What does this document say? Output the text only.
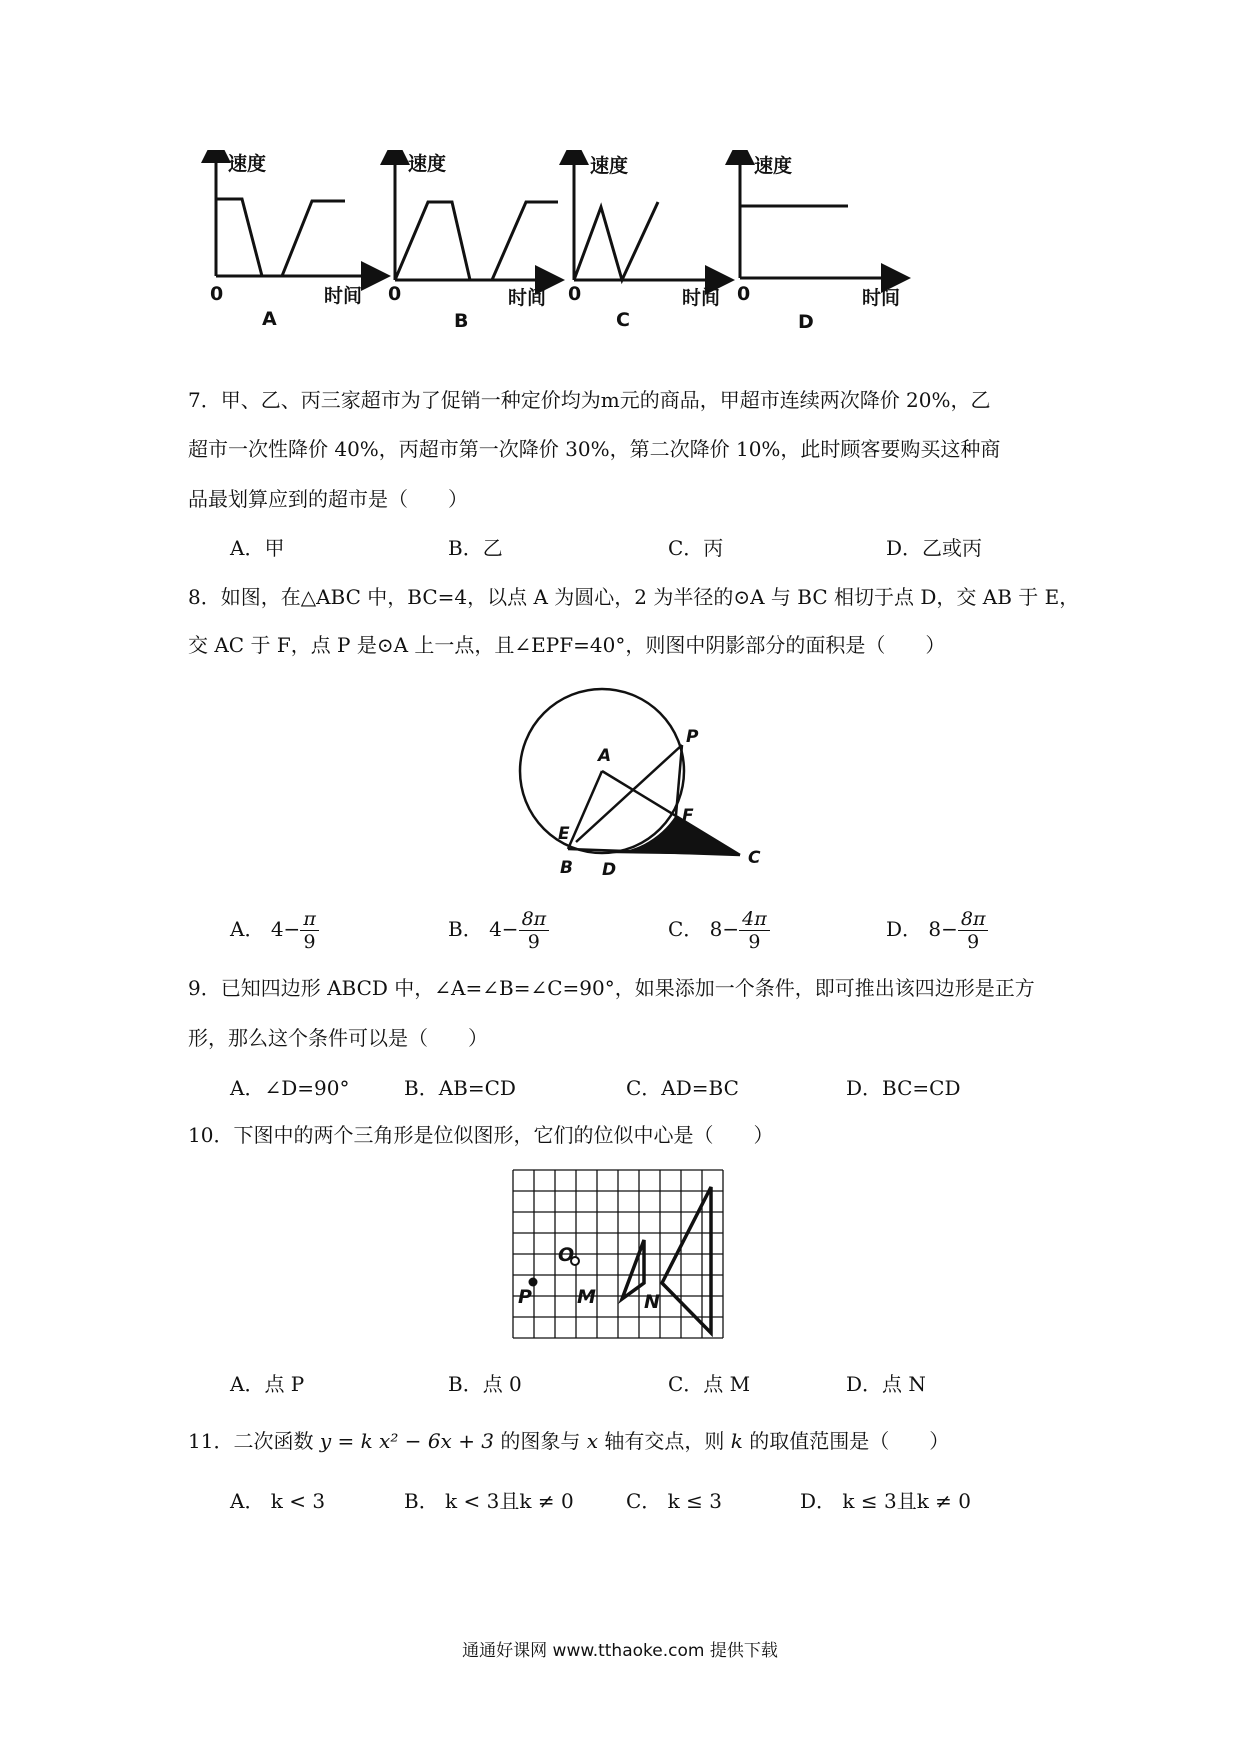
速度
0	时间
A
速度
0	时间
B
速度
0	时间
C
速度
0	时间
D
7．甲、乙、丙三家超市为了促销一种定价均为m元的商品，甲超市连续两次降价 20%，乙
超市一次性降价 40%，丙超市第一次降价 30%，第二次降价 10%，此时顾客要购买这种商
品最划算应到的超市是（　　）
A．甲	B．乙	C．丙	D．乙或丙
8．如图，在△ABC 中，BC=4，以点 A 为圆心，2 为半径的⊙A 与 BC 相切于点 D，交 AB 于 E，
交 AC 于 F，点 P 是⊙A 上一点，且∠EPF=40°，则图中阴影部分的面积是（　　）
A
P
F
E
B D
C
A． $4- \frac{\pi}{9}$	B． $4- \frac{8\pi}{9}$	C． $8- \frac{4\pi}{9}$	D． $8- \frac{8\pi}{9}$
9．已知四边形 ABCD 中，∠A=∠B=∠C=90°，如果添加一个条件，即可推出该四边形是正方
形，那么这个条件可以是（　　）
A．∠D=90°	B．AB=CD	C．AD=BC	D．BC=CD
10．下图中的两个三角形是位似图形，它们的位似中心是（　　）
O
P M	N
A．点 P	B．点 0	C．点 M	D．点 N
11．二次函数 y = k x² − 6x + 3 的图象与 x 轴有交点，则 k 的取值范围是（　　）
A． k < 3	B． k < 3且k ≠ 0	C． k ≤ 3	D． k ≤ 3且k ≠ 0
通通好课网 www.tthaoke.com 提供下载
